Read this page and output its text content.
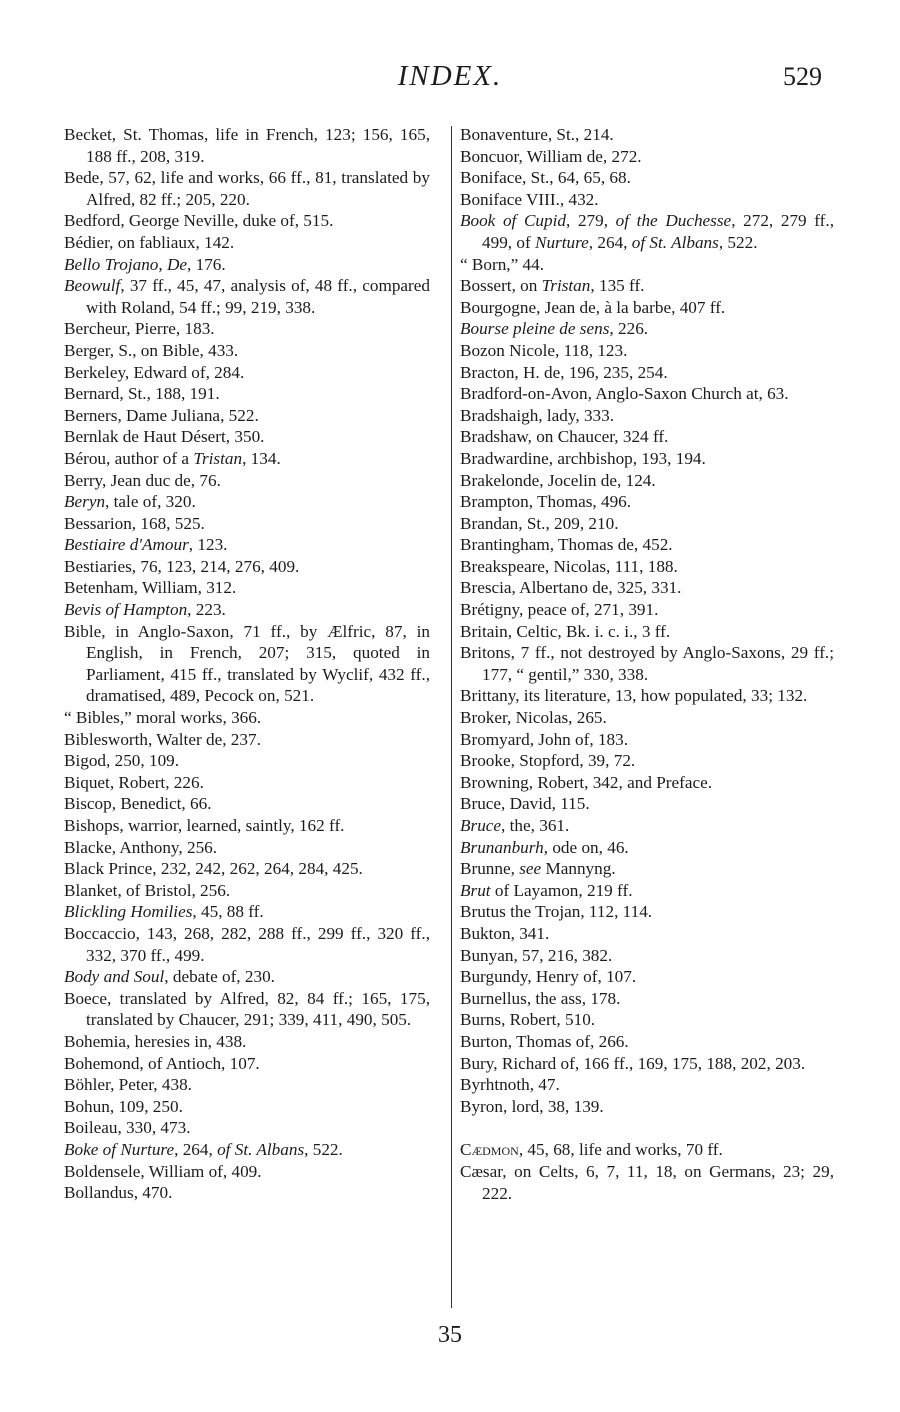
INDEX.	529

Becket, St. Thomas, life in French, 123; 156, 165, 188 ff., 208, 319.

Bede, 57, 62, life and works, 66 ff., 81, translated by Alfred, 82 ff.; 205, 220.

Bedford, George Neville, duke of, 515.

Bédier, on fabliaux, 142.

Bello Trojano, De, 176.

Beowulf, 37 ff., 45, 47, analysis of, 48 ff., compared with Roland, 54 ff.; 99, 219, 338.

Bercheur, Pierre, 183.

Berger, S., on Bible, 433.

Berkeley, Edward of, 284.

Bernard, St., 188, 191.

Berners, Dame Juliana, 522.

Bernlak de Haut Désert, 350.

Bérou, author of a Tristan, 134.

Berry, Jean duc de, 76.

Beryn, tale of, 320.

Bessarion, 168, 525.

Bestiaire d'Amour, 123.

Bestiaries, 76, 123, 214, 276, 409.

Betenham, William, 312.

Bevis of Hampton, 223.

Bible, in Anglo-Saxon, 71 ff., by Ælfric, 87, in English, in French, 207; 315, quoted in Parliament, 415 ff., translated by Wyclif, 432 ff., dramatised, 489, Pecock on, 521.

“ Bibles,” moral works, 366.

Biblesworth, Walter de, 237.

Bigod, 250, 109.

Biquet, Robert, 226.

Biscop, Benedict, 66.

Bishops, warrior, learned, saintly, 162 ff.

Blacke, Anthony, 256.

Black Prince, 232, 242, 262, 264, 284, 425.

Blanket, of Bristol, 256.

Blickling Homilies, 45, 88 ff.

Boccaccio, 143, 268, 282, 288 ff., 299 ff., 320 ff., 332, 370 ff., 499.

Body and Soul, debate of, 230.

Boece, translated by Alfred, 82, 84 ff.; 165, 175, translated by Chaucer, 291; 339, 411, 490, 505.

Bohemia, heresies in, 438.

Bohemond, of Antioch, 107.

Böhler, Peter, 438.

Bohun, 109, 250.

Boileau, 330, 473.

Boke of Nurture, 264, of St. Albans, 522.

Boldensele, William of, 409.

Bollandus, 470.

Bonaventure, St., 214.

Boncuor, William de, 272.

Boniface, St., 64, 65, 68.

Boniface VIII., 432.

Book of Cupid, 279, of the Duchesse, 272, 279 ff., 499, of Nurture, 264, of St. Albans, 522.

“ Born,” 44.

Bossert, on Tristan, 135 ff.

Bourgogne, Jean de, à la barbe, 407 ff.

Bourse pleine de sens, 226.

Bozon Nicole, 118, 123.

Bracton, H. de, 196, 235, 254.

Bradford-on-Avon, Anglo-Saxon Church at, 63.

Bradshaigh, lady, 333.

Bradshaw, on Chaucer, 324 ff.

Bradwardine, archbishop, 193, 194.

Brakelonde, Jocelin de, 124.

Brampton, Thomas, 496.

Brandan, St., 209, 210.

Brantingham, Thomas de, 452.

Breakspeare, Nicolas, 111, 188.

Brescia, Albertano de, 325, 331.

Brétigny, peace of, 271, 391.

Britain, Celtic, Bk. i. c. i., 3 ff.

Britons, 7 ff., not destroyed by Anglo-Saxons, 29 ff.; 177, “ gentil,” 330, 338.

Brittany, its literature, 13, how populated, 33; 132.

Broker, Nicolas, 265.

Bromyard, John of, 183.

Brooke, Stopford, 39, 72.

Browning, Robert, 342, and Preface.

Bruce, David, 115.

Bruce, the, 361.

Brunanburh, ode on, 46.

Brunne, see Mannyng.

Brut of Layamon, 219 ff.

Brutus the Trojan, 112, 114.

Bukton, 341.

Bunyan, 57, 216, 382.

Burgundy, Henry of, 107.

Burnellus, the ass, 178.

Burns, Robert, 510.

Burton, Thomas of, 266.

Bury, Richard of, 166 ff., 169, 175, 188, 202, 203.

Byrhtnoth, 47.

Byron, lord, 38, 139.

Cædmon, 45, 68, life and works, 70 ff.

Cæsar, on Celts, 6, 7, 11, 18, on Germans, 23; 29, 222.

35
